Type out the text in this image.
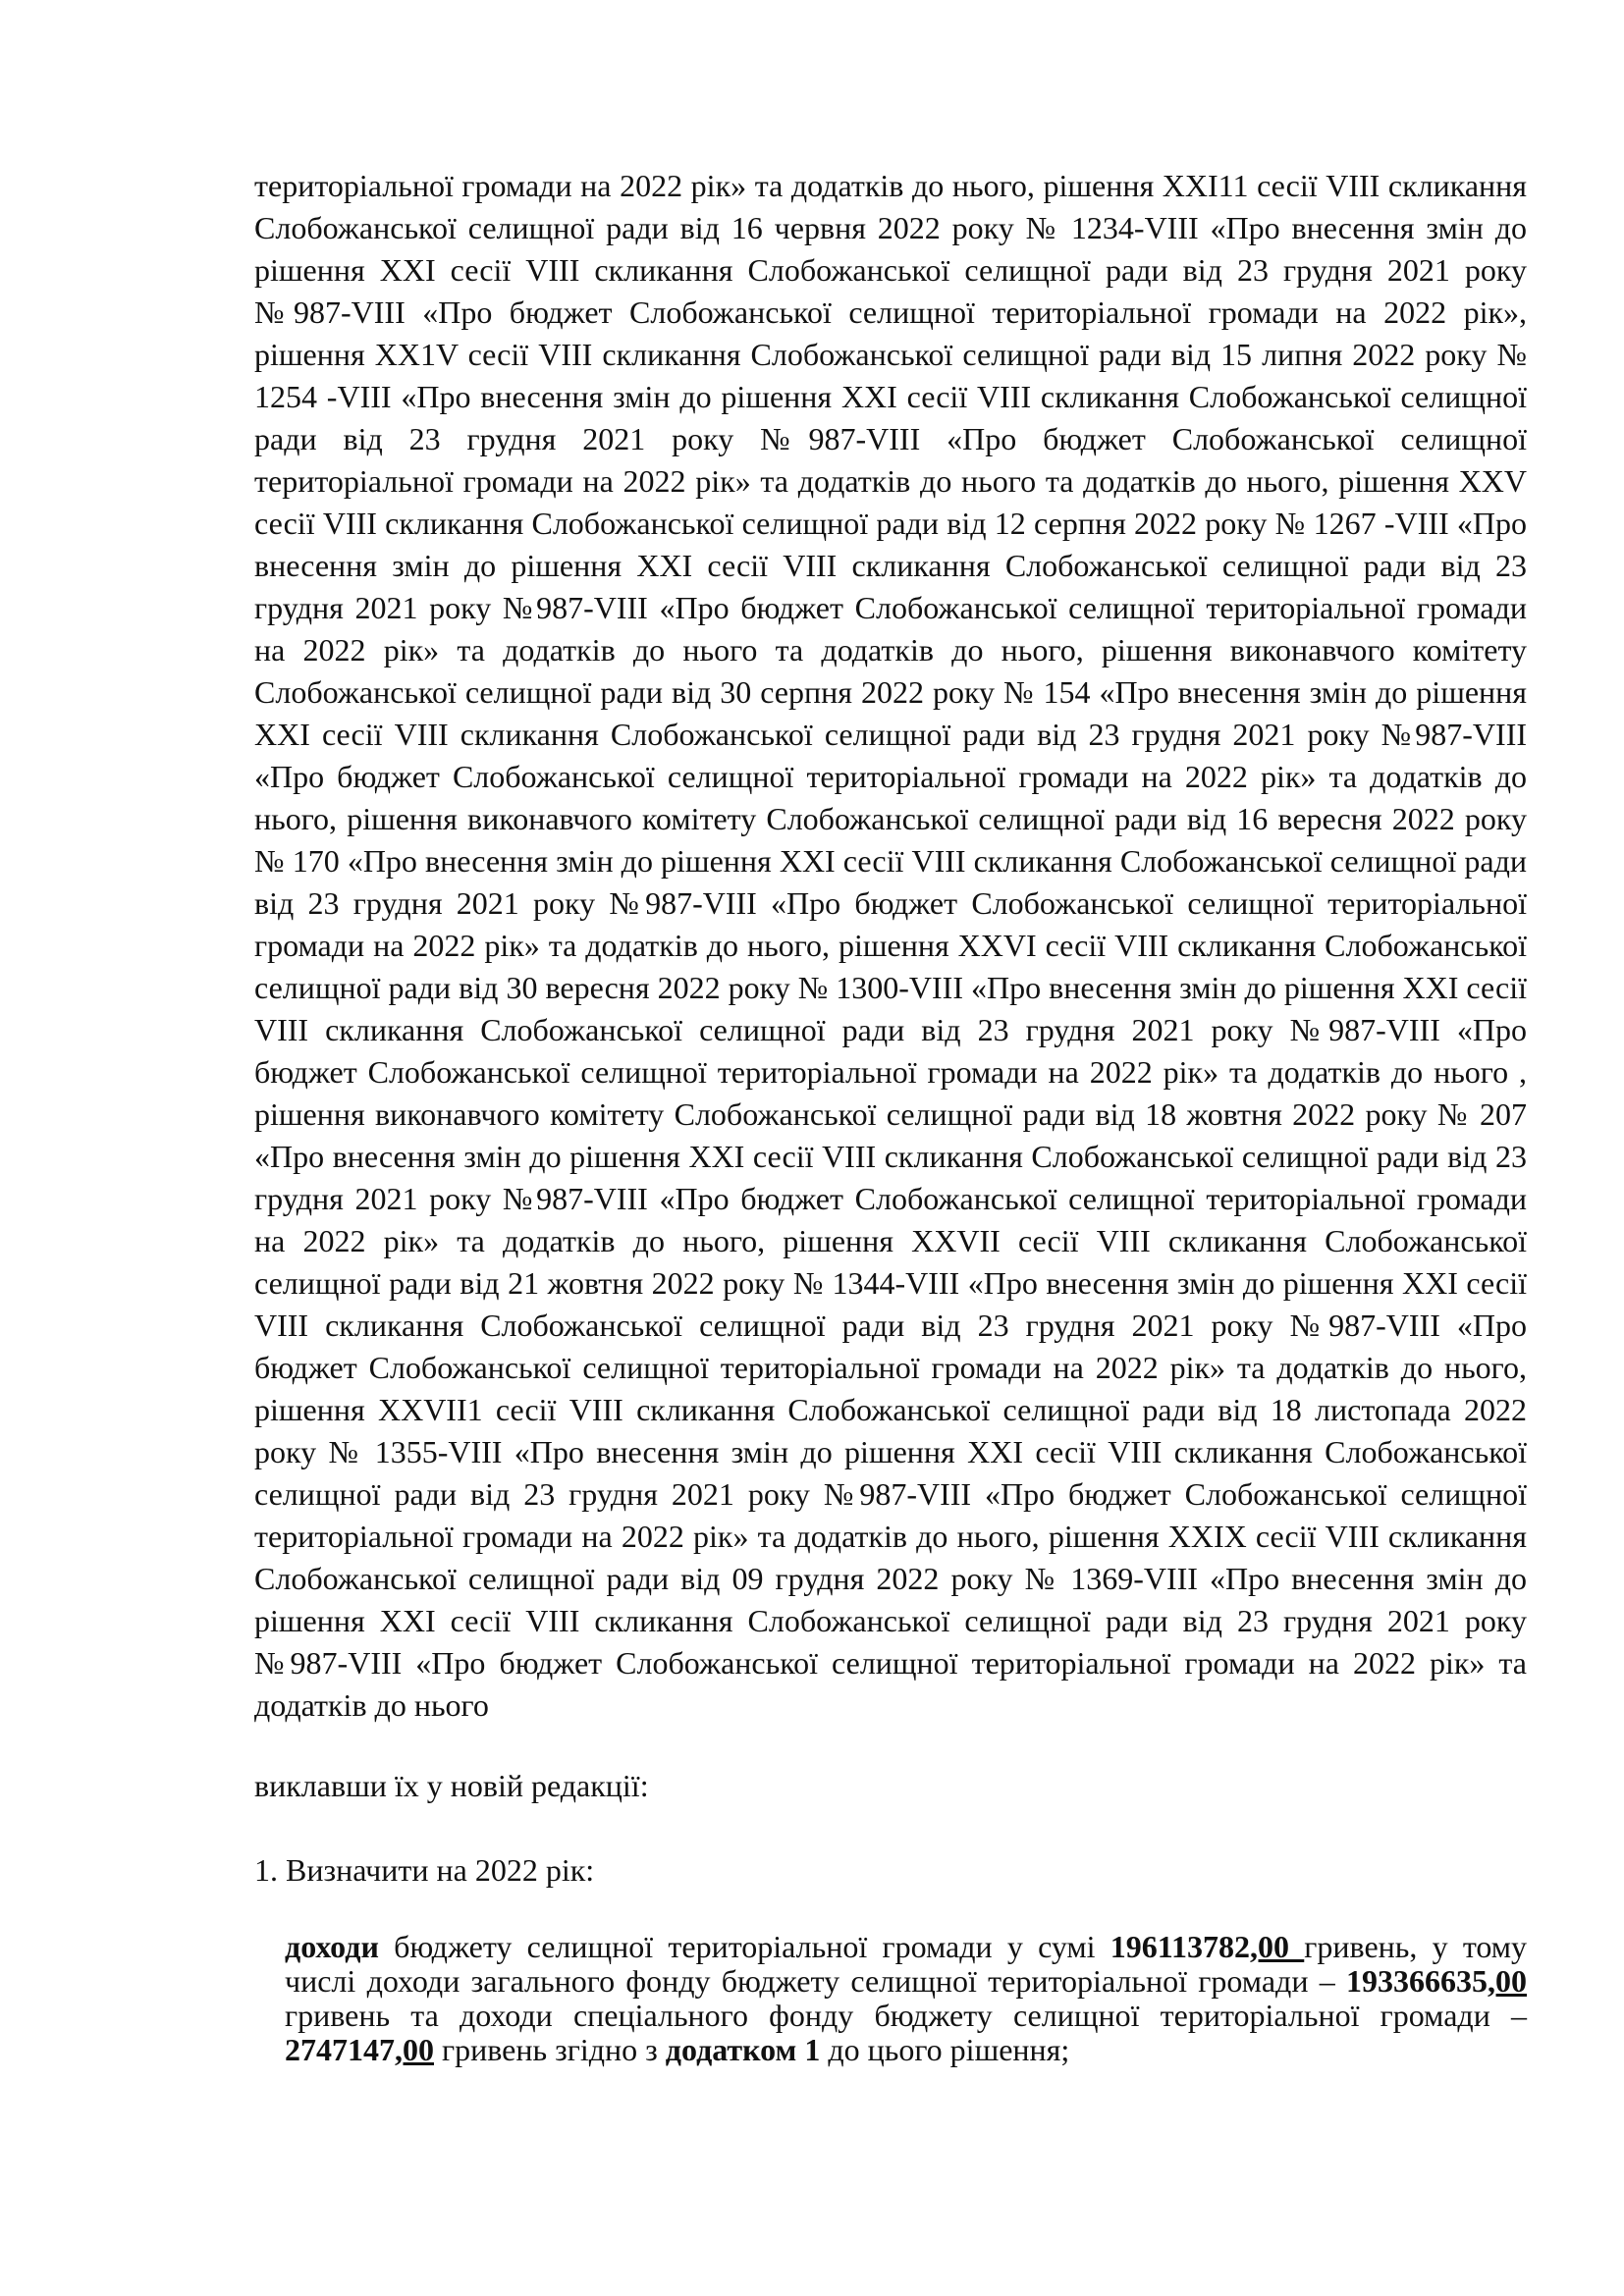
територіальної громади на 2022 рік» та додатків до нього, рішення ХХІ11 сесії VIII скликання Слобожанської селищної ради від 16 червня 2022 року № 1234-VIII «Про внесення змін до рішення ХХІ сесії VIII скликання Слобожанської селищної ради від 23 грудня 2021 року №987-VIII «Про бюджет Слобожанської селищної територіальної громади на 2022 рік», рішення ХХ1V сесії VIII скликання Слобожанської селищної ради від 15 липня 2022 року № 1254 -VIII «Про внесення змін до рішення ХХІ сесії VIII скликання Слобожанської селищної ради від 23 грудня 2021 року №987-VIII «Про бюджет Слобожанської селищної територіальної громади на 2022 рік» та додатків до нього та додатків до нього, рішення ХХV сесії VIII скликання Слобожанської селищної ради від 12 серпня 2022 року № 1267 -VIII «Про внесення змін до рішення ХХІ сесії VIII скликання Слобожанської селищної ради від 23 грудня 2021 року №987-VIII «Про бюджет Слобожанської селищної територіальної громади на 2022 рік» та додатків до нього та додатків до нього, рішення виконавчого комітету Слобожанської селищної ради від 30 серпня 2022 року № 154 «Про внесення змін до рішення ХХІ сесії VIII скликання Слобожанської селищної ради від 23 грудня 2021 року №987-VIII «Про бюджет Слобожанської селищної територіальної громади на 2022 рік» та додатків до нього, рішення виконавчого комітету Слобожанської селищної ради від 16 вересня 2022 року № 170 «Про внесення змін до рішення ХХІ сесії VIII скликання Слобожанської селищної ради від 23 грудня 2021 року №987-VIII «Про бюджет Слобожанської селищної територіальної громади на 2022 рік» та додатків до нього, рішення ХХVІ сесії VIII скликання Слобожанської селищної ради від 30 вересня 2022 року № 1300-VIII «Про внесення змін до рішення ХХІ сесії VIII скликання Слобожанської селищної ради від 23 грудня 2021 року №987-VIII «Про бюджет Слобожанської селищної територіальної громади на 2022 рік» та додатків до нього , рішення виконавчого комітету Слобожанської селищної ради від 18 жовтня 2022 року № 207 «Про внесення змін до рішення ХХІ сесії VIII скликання Слобожанської селищної ради від 23 грудня 2021 року №987-VIII «Про бюджет Слобожанської селищної територіальної громади на 2022 рік» та додатків до нього, рішення ХХVІІ сесії VIII скликання Слобожанської селищної ради від 21 жовтня 2022 року № 1344-VIII «Про внесення змін до рішення ХХІ сесії VIII скликання Слобожанської селищної ради від 23 грудня 2021 року №987-VIII «Про бюджет Слобожанської селищної територіальної громади на 2022 рік» та додатків до нього, рішення ХХVІІ1 сесії VIII скликання Слобожанської селищної ради від 18 листопада 2022 року № 1355-VIII «Про внесення змін до рішення ХХІ сесії VIII скликання Слобожанської селищної ради від 23 грудня 2021 року №987-VIII «Про бюджет Слобожанської селищної територіальної громади на 2022 рік» та додатків до нього, рішення ХХІХ сесії VIII скликання Слобожанської селищної ради від 09 грудня 2022 року № 1369-VIII «Про внесення змін до рішення ХХІ сесії VIII скликання Слобожанської селищної ради від 23 грудня 2021 року №987-VIII «Про бюджет Слобожанської селищної територіальної громади на 2022 рік» та додатків до нього

виклавши їх у новій редакції:

1. Визначити на 2022 рік:

доходи бюджету селищної територіальної громади у сумі 196113782,00 гривень, у тому числі доходи загального фонду бюджету селищної територіальної громади – 193366635,00 гривень та доходи спеціального фонду бюджету селищної територіальної громади – 2747147,00 гривень згідно з додатком 1 до цього рішення;
